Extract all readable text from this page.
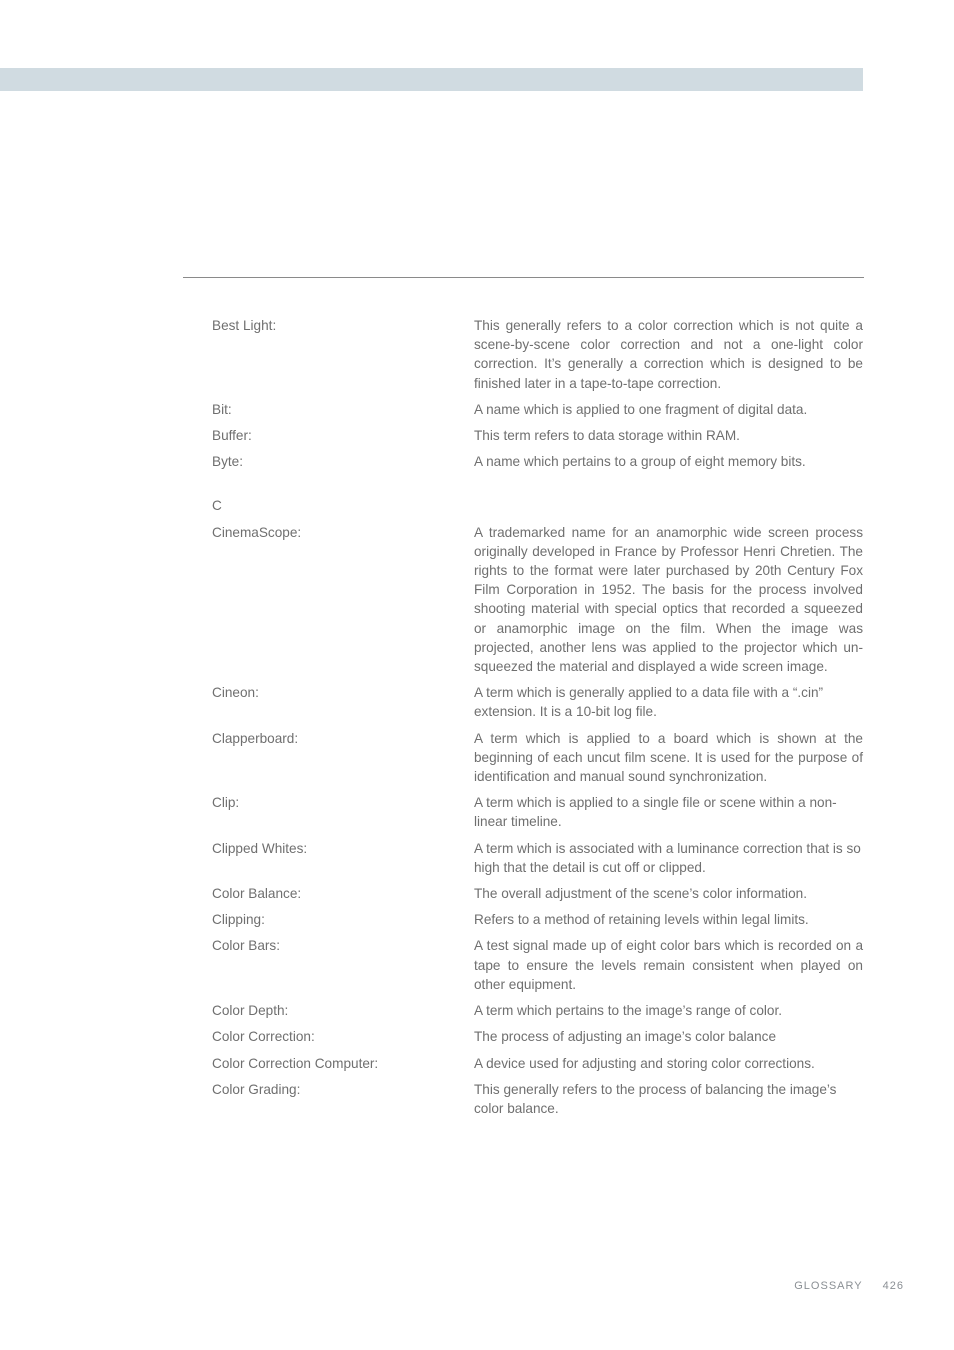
Best Light:	This generally refers to a color correction which is not quite a scene-by-scene color correction and not a one-light color correction. It’s generally a correction which is designed to be finished later in a tape-to-tape correction.
Bit:	A name which is applied to one fragment of digital data.
Buffer:	This term refers to data storage within RAM.
Byte:	A name which pertains to a group of eight memory bits.
C
CinemaScope:	A trademarked name for an anamorphic wide screen process originally developed in France by Professor Henri Chretien. The rights to the format were later purchased by 20th Century Fox Film Corporation in 1952. The basis for the process involved shooting material with special optics that recorded a squeezed or anamorphic image on the film. When the image was projected, another lens was applied to the projector which un-squeezed the material and displayed a wide screen image.
Cineon:	A term which is generally applied to a data file with a “.cin” extension. It is a 10-bit log file.
Clapperboard:	A term which is applied to a board which is shown at the beginning of each uncut film scene. It is used for the purpose of identification and manual sound synchronization.
Clip:	A term which is applied to a single file or scene within a non-linear timeline.
Clipped Whites:	A term which is associated with a luminance correction that is so high that the detail is cut off or clipped.
Color Balance:	The overall adjustment of the scene’s color information.
Clipping:	Refers to a method of retaining levels within legal limits.
Color Bars:	A test signal made up of eight color bars which is recorded on a tape to ensure the levels remain consistent when played on other equipment.
Color Depth:	A term which pertains to the image’s range of color.
Color Correction:	The process of adjusting an image’s color balance
Color Correction Computer:	A device used for adjusting and storing color corrections.
Color Grading:	This generally refers to the process of balancing the image’s color balance.
GLOSSARY 426
